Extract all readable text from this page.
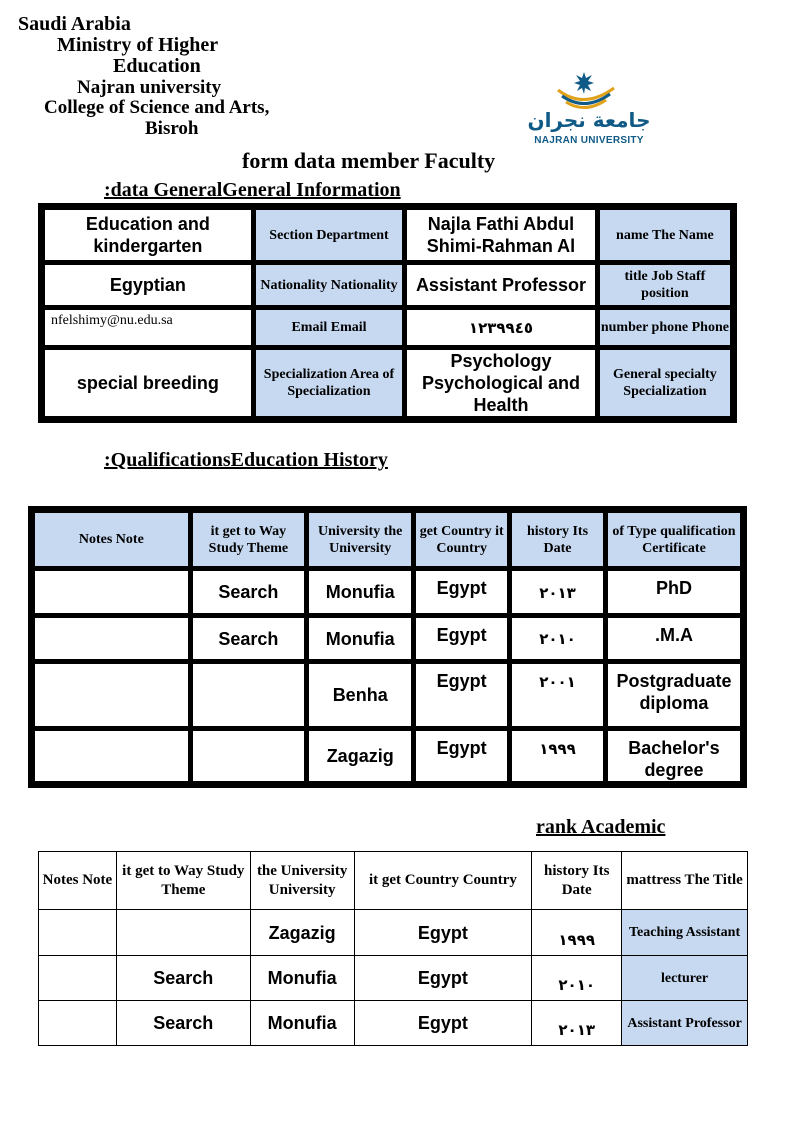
Saudi Arabia
Ministry of Higher
Education
Najran university
College of Science and Arts,
Bisroh	جامعة نجران
NAJRAN UNIVERSITY
form data member Faculty
:data GeneralGeneral Information
Education and kindergarten	Section Department	Najla Fathi Abdul Shimi-Rahman Al	name The Name
Egyptian	Nationality Nationality	Assistant Professor	title Job Staff position
nfelshimy@nu.edu.sa	Email Email	١٢٣٩٩٤٥	number phone Phone
special breeding	Specialization Area of Specialization	Psychology Psychological and Health	General specialty Specialization
:QualificationsEducation History
Notes Note	it get to Way Study Theme	University the University	get Country it Country	history Its Date	of Type qualification Certificate
	Search	Monufia	Egypt	٢٠١٣	PhD
	Search	Monufia	Egypt	٢٠١٠	.M.A
		Benha	Egypt	٢٠٠١	Postgraduate diploma
		Zagazig	Egypt	١٩٩٩	Bachelor's degree
rank Academic
Notes Note	it get to Way Study Theme	the University University	it get Country Country	history Its Date	mattress The Title
		Zagazig	Egypt	١٩٩٩	Teaching Assistant
	Search	Monufia	Egypt	٢٠١٠	lecturer
	Search	Monufia	Egypt	٢٠١٣	Assistant Professor
